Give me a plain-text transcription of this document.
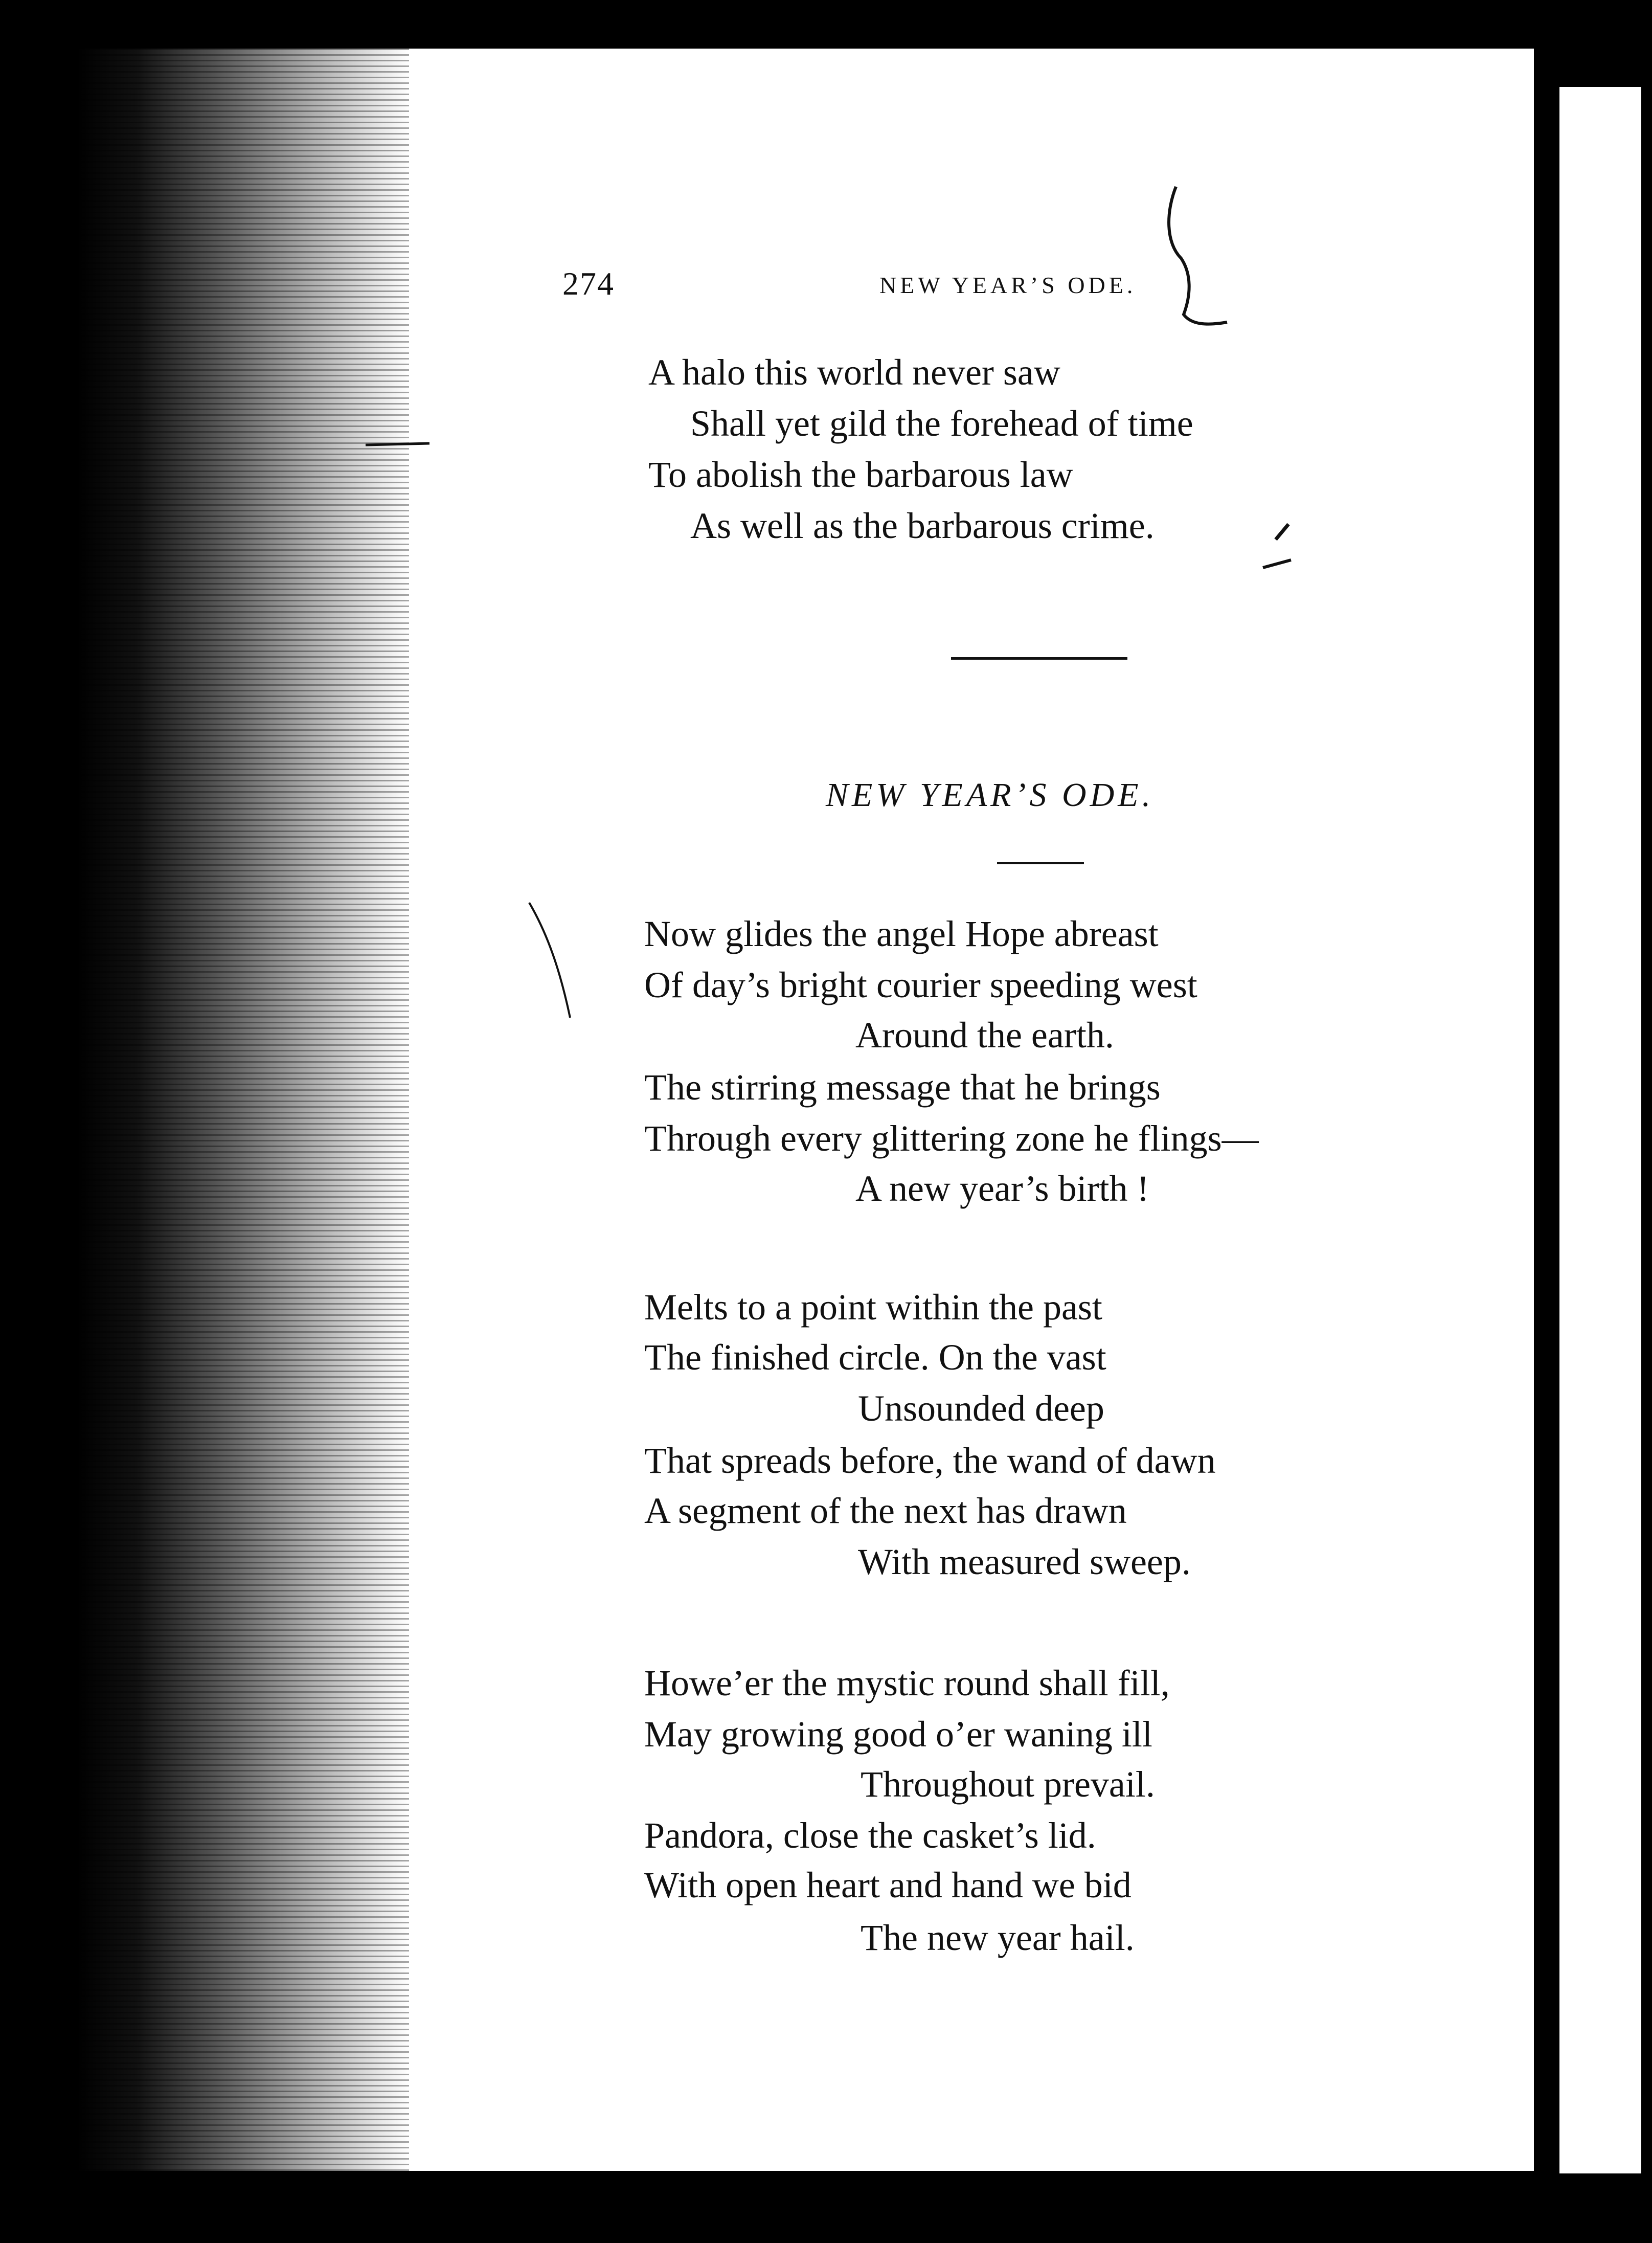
274	NEW YEAR’S ODE.
A halo this world never saw
Shall yet gild the forehead of time
To abolish the barbarous law
As well as the barbarous crime.
NEW YEAR’S ODE.
Now glides the angel Hope abreast
Of day’s bright courier speeding west
Around the earth.
The stirring message that he brings
Through every glittering zone he flings—
A new year’s birth !
Melts to a point within the past
The finished circle. On the vast
Unsounded deep
That spreads before, the wand of dawn
A segment of the next has drawn
With measured sweep.
Howe’er the mystic round shall fill,
May growing good o’er waning ill
Throughout prevail.
Pandora, close the casket’s lid.
With open heart and hand we bid
The new year hail.
